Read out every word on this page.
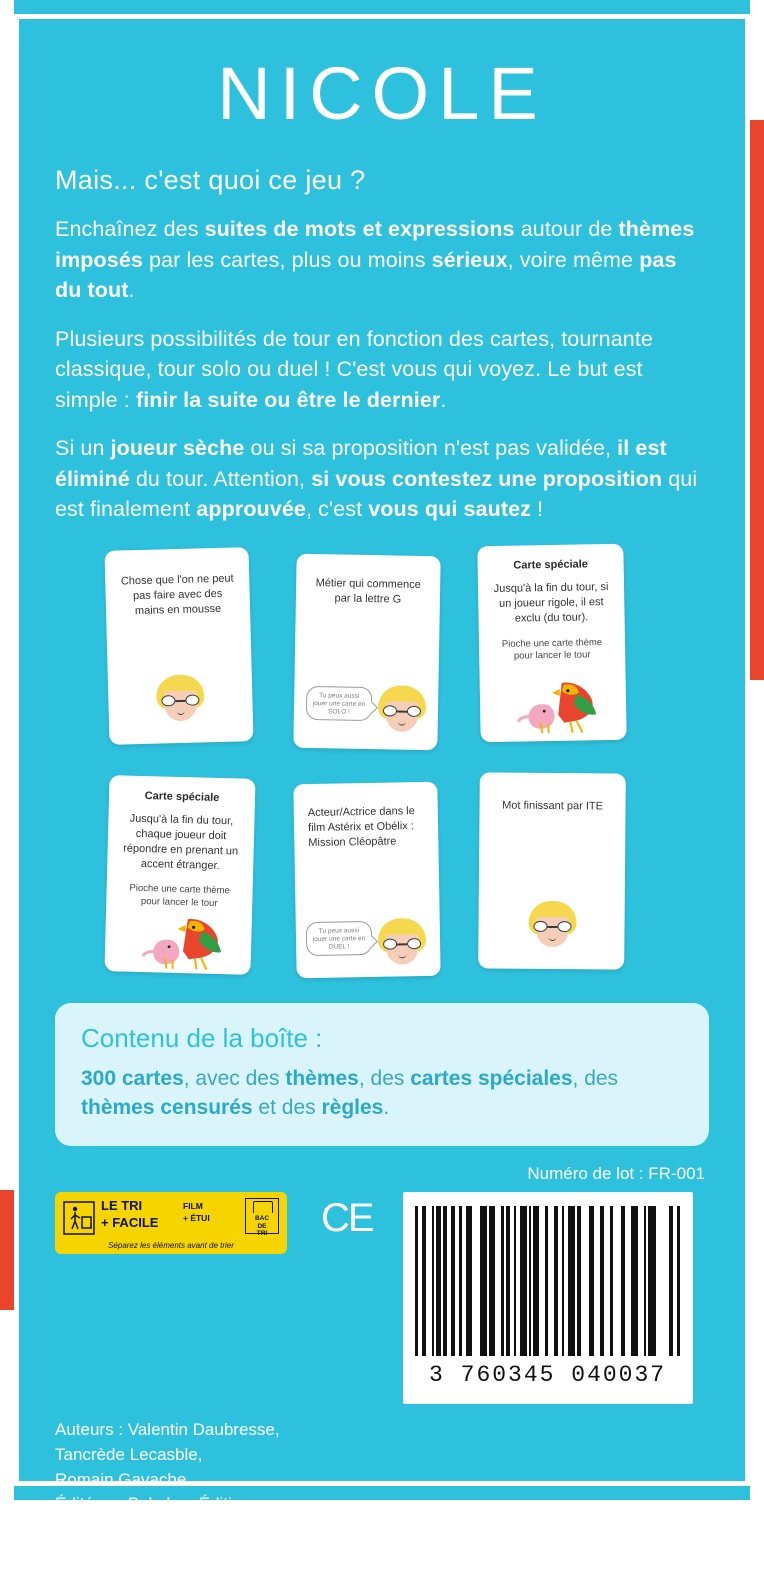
NICOLE
Mais... c'est quoi ce jeu ?
Enchaînez des suites de mots et expressions autour de thèmes imposés par les cartes, plus ou moins sérieux, voire même pas du tout.
Plusieurs possibilités de tour en fonction des cartes, tournante classique, tour solo ou duel ! C'est vous qui voyez. Le but est simple : finir la suite ou être le dernier.
Si un joueur sèche ou si sa proposition n'est pas validée, il est éliminé du tour. Attention, si vous contestez une proposition qui est finalement approuvée, c'est vous qui sautez !
Chose que l'on ne peut pas faire avec des mains en mousse
Métier qui commence par la lettre G
Tu peux aussi jouer une carte en SOLO !
Carte spéciale
Jusqu'à la fin du tour, si un joueur rigole, il est exclu (du tour).
Pioche une carte thème pour lancer le tour
Carte spéciale
Jusqu'à la fin du tour, chaque joueur doit répondre en prenant un accent étranger.
Pioche une carte thème pour lancer le tour
Acteur/Actrice dans le film Astérix et Obélix : Mission Cléopâtre
Tu peux aussi jouer une carte en DUEL !
Mot finissant par ITE
Contenu de la boîte :

300 cartes, avec des thèmes, des cartes spéciales, des thèmes censurés et des règles.

Numéro de lot : FR-001
LE TRI
+ FACILE
FILM
+ ÉTUI	BAC
DE
TRI
Séparez les éléments avant de trier
CE
3 760345 040037
Auteurs : Valentin Daubresse,
Tancrède Lecasble,
Romain Gavache
Édité par Bakakou Éditions
85330 Noirmoutier
Fabriqué en France
